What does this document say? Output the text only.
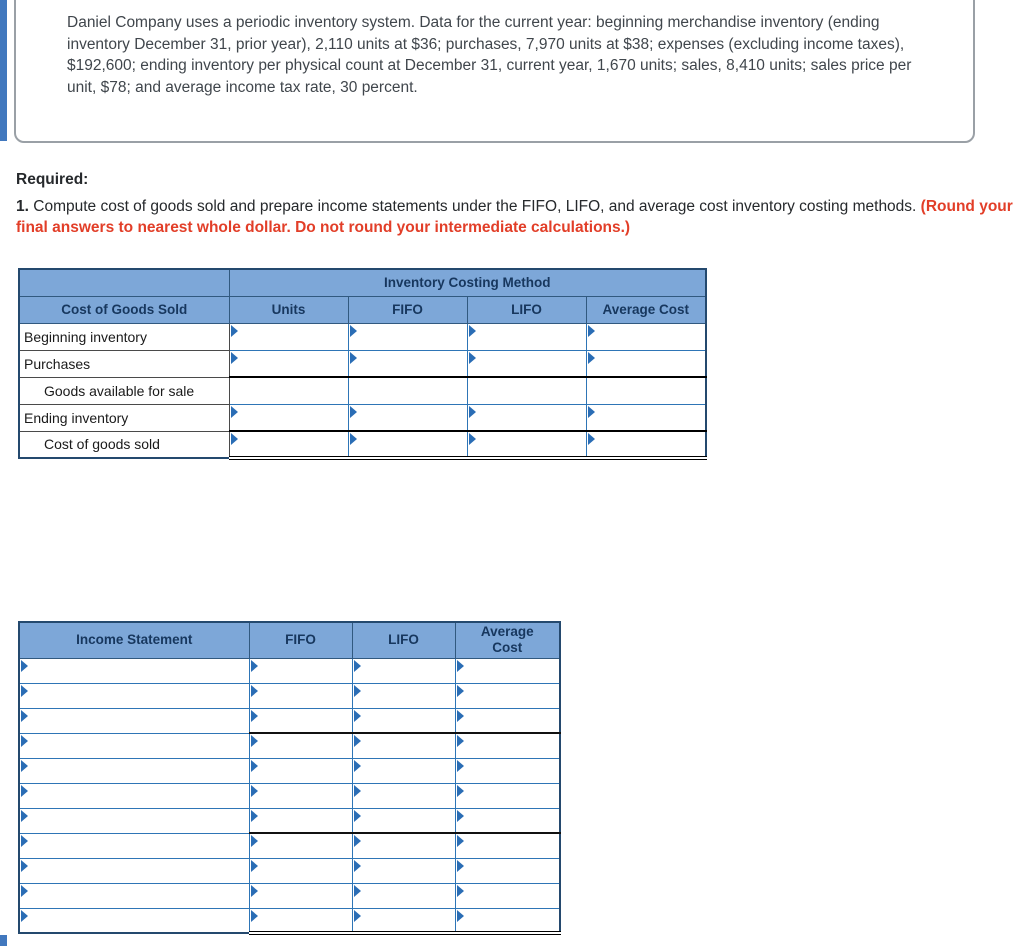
Daniel Company uses a periodic inventory system. Data for the current year: beginning merchandise inventory (ending inventory December 31, prior year), 2,110 units at $36; purchases, 7,970 units at $38; expenses (excluding income taxes), $192,600; ending inventory per physical count at December 31, current year, 1,670 units; sales, 8,410 units; sales price per unit, $78; and average income tax rate, 30 percent.

Required:

1. Compute cost of goods sold and prepare income statements under the FIFO, LIFO, and average cost inventory costing methods. (Round your final answers to nearest whole dollar. Do not round your intermediate calculations.)

	Inventory Costing Method			
Cost of Goods Sold	Units	FIFO	LIFO	Average Cost
Beginning inventory				
Purchases				
Goods available for sale				
Ending inventory				
Cost of goods sold				
Income Statement	FIFO	LIFO	Average Cost
